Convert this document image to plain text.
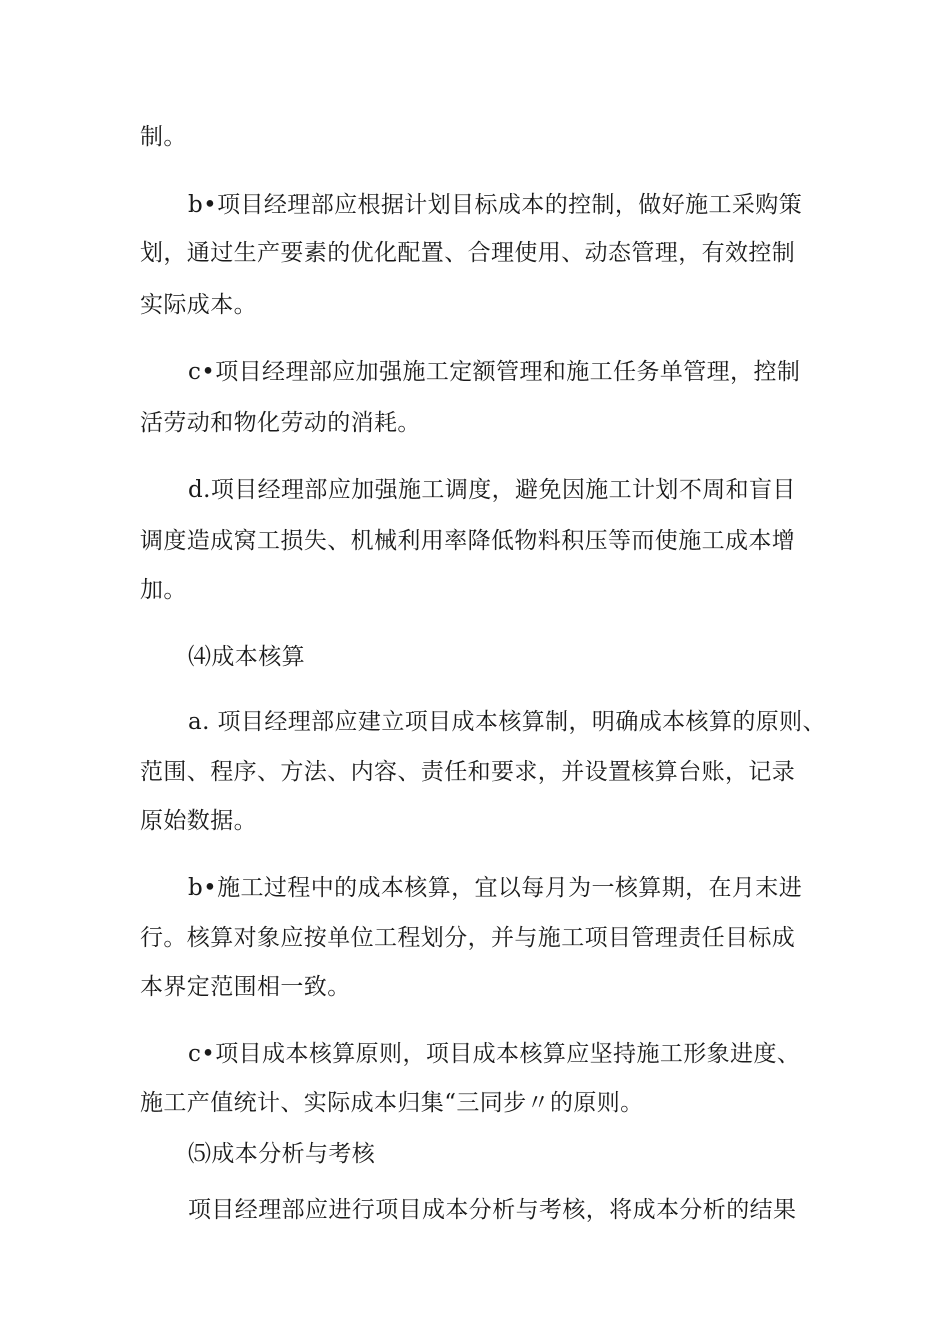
制。
b•项目经理部应根据计划目标成本的控制，做好施工采购策
划，通过生产要素的优化配置、合理使用、动态管理，有效控制
实际成本。
c•项目经理部应加强施工定额管理和施工任务单管理，控制
活劳动和物化劳动的消耗。
d.项目经理部应加强施工调度，避免因施工计划不周和盲目
调度造成窝工损失、机械利用率降低物料积压等而使施工成本增
加。
⑷成本核算
a. 项目经理部应建立项目成本核算制，明确成本核算的原则、
范围、程序、方法、内容、责任和要求，并设置核算台账，记录
原始数据。
b•施工过程中的成本核算，宜以每月为一核算期，在月末进
行。核算对象应按单位工程划分，并与施工项目管理责任目标成
本界定范围相一致。
c•项目成本核算原则，项目成本核算应坚持施工形象进度、
施工产值统计、实际成本归集“三同步〃的原则。
⑸成本分析与考核
项目经理部应进行项目成本分析与考核，将成本分析的结果
